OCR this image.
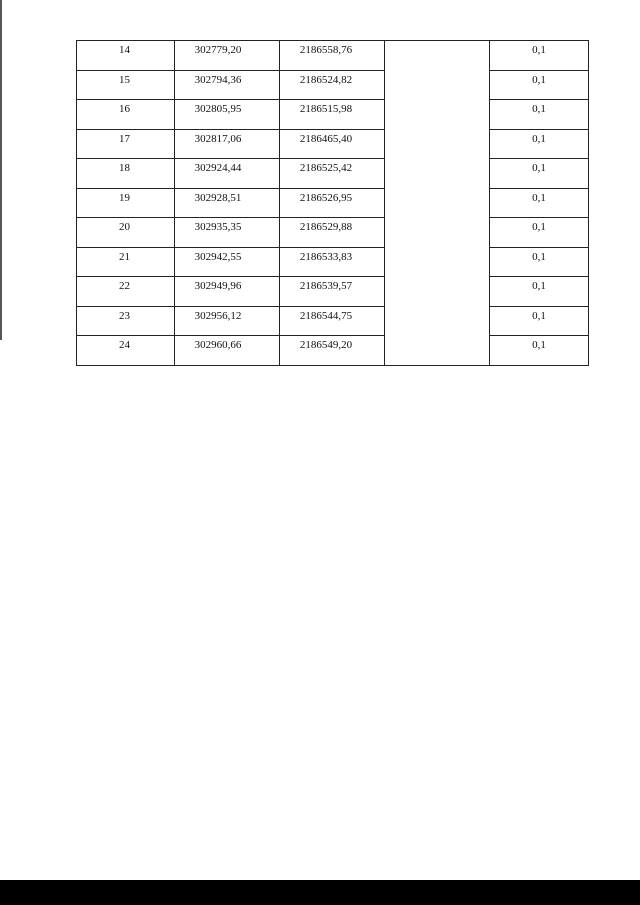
14	302779,20	2186558,76		0,1
15	302794,36	2186524,82		0,1
16	302805,95	2186515,98		0,1
17	302817,06	2186465,40		0,1
18	302924,44	2186525,42		0,1
19	302928,51	2186526,95		0,1
20	302935,35	2186529,88		0,1
21	302942,55	2186533,83		0,1
22	302949,96	2186539,57		0,1
23	302956,12	2186544,75		0,1
24	302960,66	2186549,20		0,1
